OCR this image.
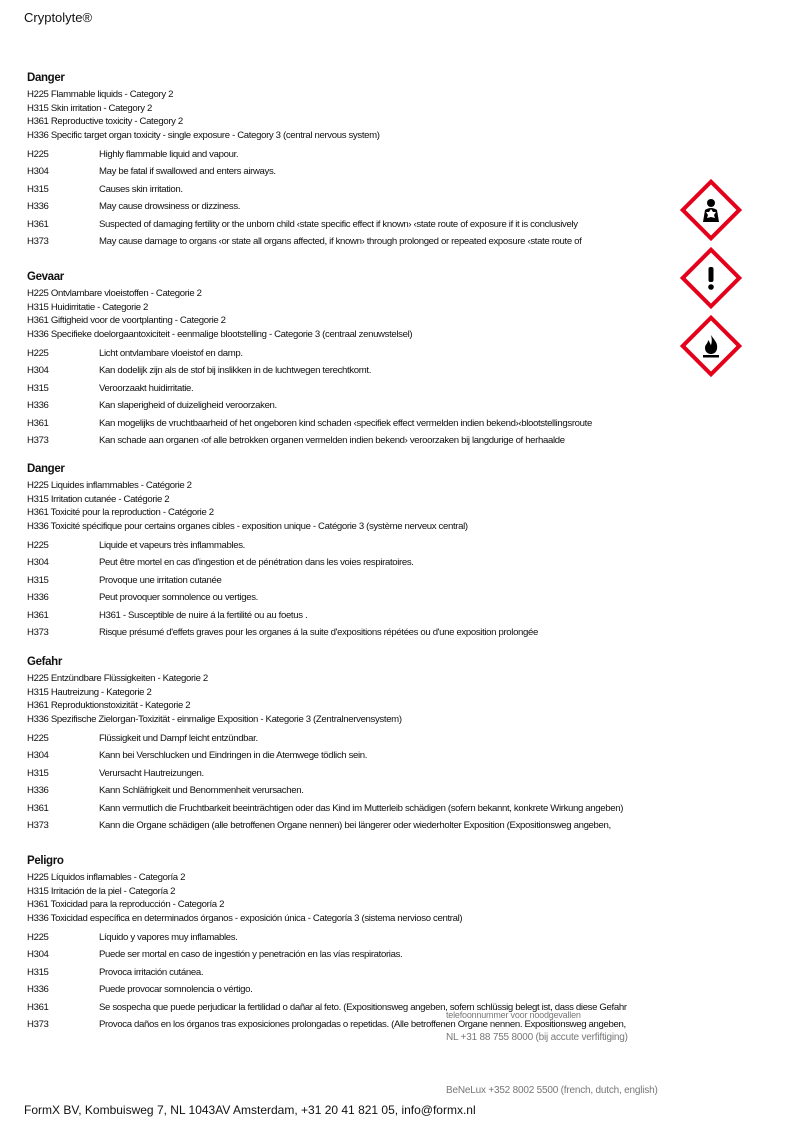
Cryptolyte®
Danger
H225 Flammable liquids - Category 2
H315 Skin irritation - Category 2
H361 Reproductive toxicity - Category 2
H336 Specific target organ toxicity - single exposure - Category 3 (central nervous system)
H225	Highly flammable liquid and vapour.
H304	May be fatal if swallowed and enters airways.
H315	Causes skin irritation.
H336	May cause drowsiness or dizziness.
H361	Suspected of damaging fertility or the unborn child ‹state specific effect if known› ‹state route of exposure if it is conclusively
H373	May cause damage to organs ‹or state all organs affected, if known› through prolonged or repeated exposure ‹state route of
Gevaar
H225 Ontvlambare vloeistoffen - Categorie 2
H315 Huidirritatie - Categorie 2
H361 Giftigheid voor de voortplanting - Categorie 2
H336 Specifieke doelorgaantoxiciteit - eenmalige blootstelling - Categorie 3 (centraal zenuwstelsel)
H225	Licht ontvlambare vloeistof en damp.
H304	Kan dodelijk zijn als de stof bij inslikken in de luchtwegen terechtkomt.
H315	Veroorzaakt huidirritatie.
H336	Kan slaperigheid of duizeligheid veroorzaken.
H361	Kan mogelijks de vruchtbaarheid of het ongeboren kind schaden ‹specifiek effect vermelden indien bekend›‹blootstellingsroute
H373	Kan schade aan organen ‹of alle betrokken organen vermelden indien bekend› veroorzaken bij langdurige of herhaalde
Danger
H225 Liquides inflammables - Catégorie 2
H315 Irritation cutanée - Catégorie 2
H361 Toxicité pour la reproduction - Catégorie 2
H336 Toxicité spécifique pour certains organes cibles - exposition unique - Catégorie 3 (système nerveux central)
H225	Liquide et vapeurs très inflammables.
H304	Peut être mortel en cas d'ingestion et de pénétration dans les voies respiratoires.
H315	Provoque une irritation cutanée
H336	Peut provoquer somnolence ou vertiges.
H361	H361 - Susceptible de nuire á la fertilité ou au foetus .
H373	Risque présumé d'effets graves pour les organes á la suite d'expositions répétées ou d'une exposition prolongée
Gefahr
H225 Entzündbare Flüssigkeiten - Kategorie 2
H315 Hautreizung - Kategorie 2
H361 Reproduktionstoxizität - Kategorie 2
H336 Spezifische Zielorgan-Toxizität - einmalige Exposition - Kategorie 3 (Zentralnervensystem)
H225	Flüssigkeit und Dampf leicht entzündbar.
H304	Kann bei Verschlucken und Eindringen in die Atemwege tödlich sein.
H315	Verursacht Hautreizungen.
H336	Kann Schläfrigkeit und Benommenheit verursachen.
H361	Kann vermutlich die Fruchtbarkeit beeinträchtigen oder das Kind im Mutterleib schädigen (sofern bekannt, konkrete Wirkung angeben)
H373	Kann die Organe schädigen (alle betroffenen Organe nennen) bei längerer oder wiederholter Exposition (Expositionsweg angeben,
Peligro
H225 Líquidos inflamables - Categoría 2
H315 Irritación de la piel - Categoría 2
H361 Toxicidad para la reproducción - Categoría 2
H336 Toxicidad específica en determinados órganos - exposición única - Categoría 3 (sistema nervioso central)
H225	Líquido y vapores muy inflamables.
H304	Puede ser mortal en caso de ingestión y penetración en las vías respiratorias.
H315	Provoca irritación cutánea.
H336	Puede provocar somnolencia o vértigo.
H361	Se sospecha que puede perjudicar la fertilidad o dañar al feto. (Expositionsweg angeben, sofern schlüssig belegt ist, dass diese Gefahr
H373	Provoca daños en los órganos tras exposiciones prolongadas o repetidas. (Alle betroffenen Organe nennen. Expositionsweg angeben,
telefoonnummer voor noodgevallen
NL +31 88 755 8000 (bij accute verfiftiging)
BeNeLux +352 8002 5500 (french, dutch, english)
FormX BV, Kombuisweg 7, NL 1043AV Amsterdam, +31 20 41 821 05, info@formx.nl
